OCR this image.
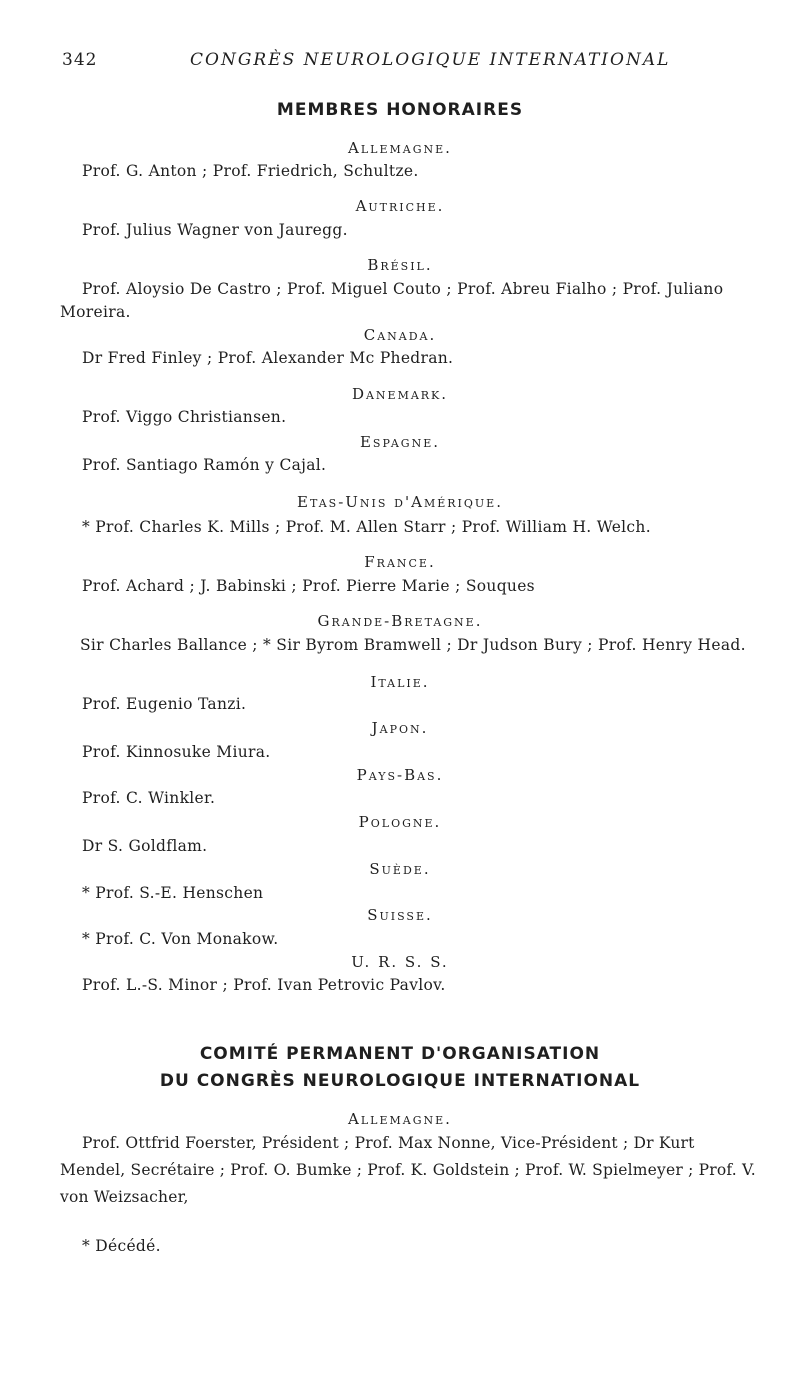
342	CONGRÈS NEUROLOGIQUE INTERNATIONAL
MEMBRES HONORAIRES
Allemagne.
Prof. G. Anton ; Prof. Friedrich, Schultze.
Autriche.
Prof. Julius Wagner von Jauregg.
Brésil.
Prof. Aloysio De Castro ; Prof. Miguel Couto ; Prof. Abreu Fialho ; Prof. Juliano
Moreira.
Canada.
Dr Fred Finley ; Prof. Alexander Mc Phedran.
Danemark.
Prof. Viggo Christiansen.
Espagne.
Prof. Santiago Ramón y Cajal.
Etas-Unis d'Amérique.
* Prof. Charles K. Mills ; Prof. M. Allen Starr ; Prof. William H. Welch.
France.
Prof. Achard ; J. Babinski ; Prof. Pierre Marie ; Souques
Grande-Bretagne.
Sir Charles Ballance ; * Sir Byrom Bramwell ; Dr Judson Bury ; Prof. Henry Head.
Italie.
Prof. Eugenio Tanzi.
Japon.
Prof. Kinnosuke Miura.
Pays-Bas.
Prof. C. Winkler.
Pologne.
Dr S. Goldflam.
Suède.
* Prof. S.-E. Henschen
Suisse.
* Prof. C. Von Monakow.
U. R. S. S.
Prof. L.-S. Minor ; Prof. Ivan Petrovic Pavlov.
COMITÉ PERMANENT D'ORGANISATION
DU CONGRÈS NEUROLOGIQUE INTERNATIONAL
Allemagne.
Prof. Ottfrid Foerster, Président ; Prof. Max Nonne, Vice-Président ; Dr Kurt Mendel, Secrétaire ; Prof. O. Bumke ; Prof. K. Goldstein ; Prof. W. Spielmeyer ; Prof. V. von Weizsacher,
* Décédé.
